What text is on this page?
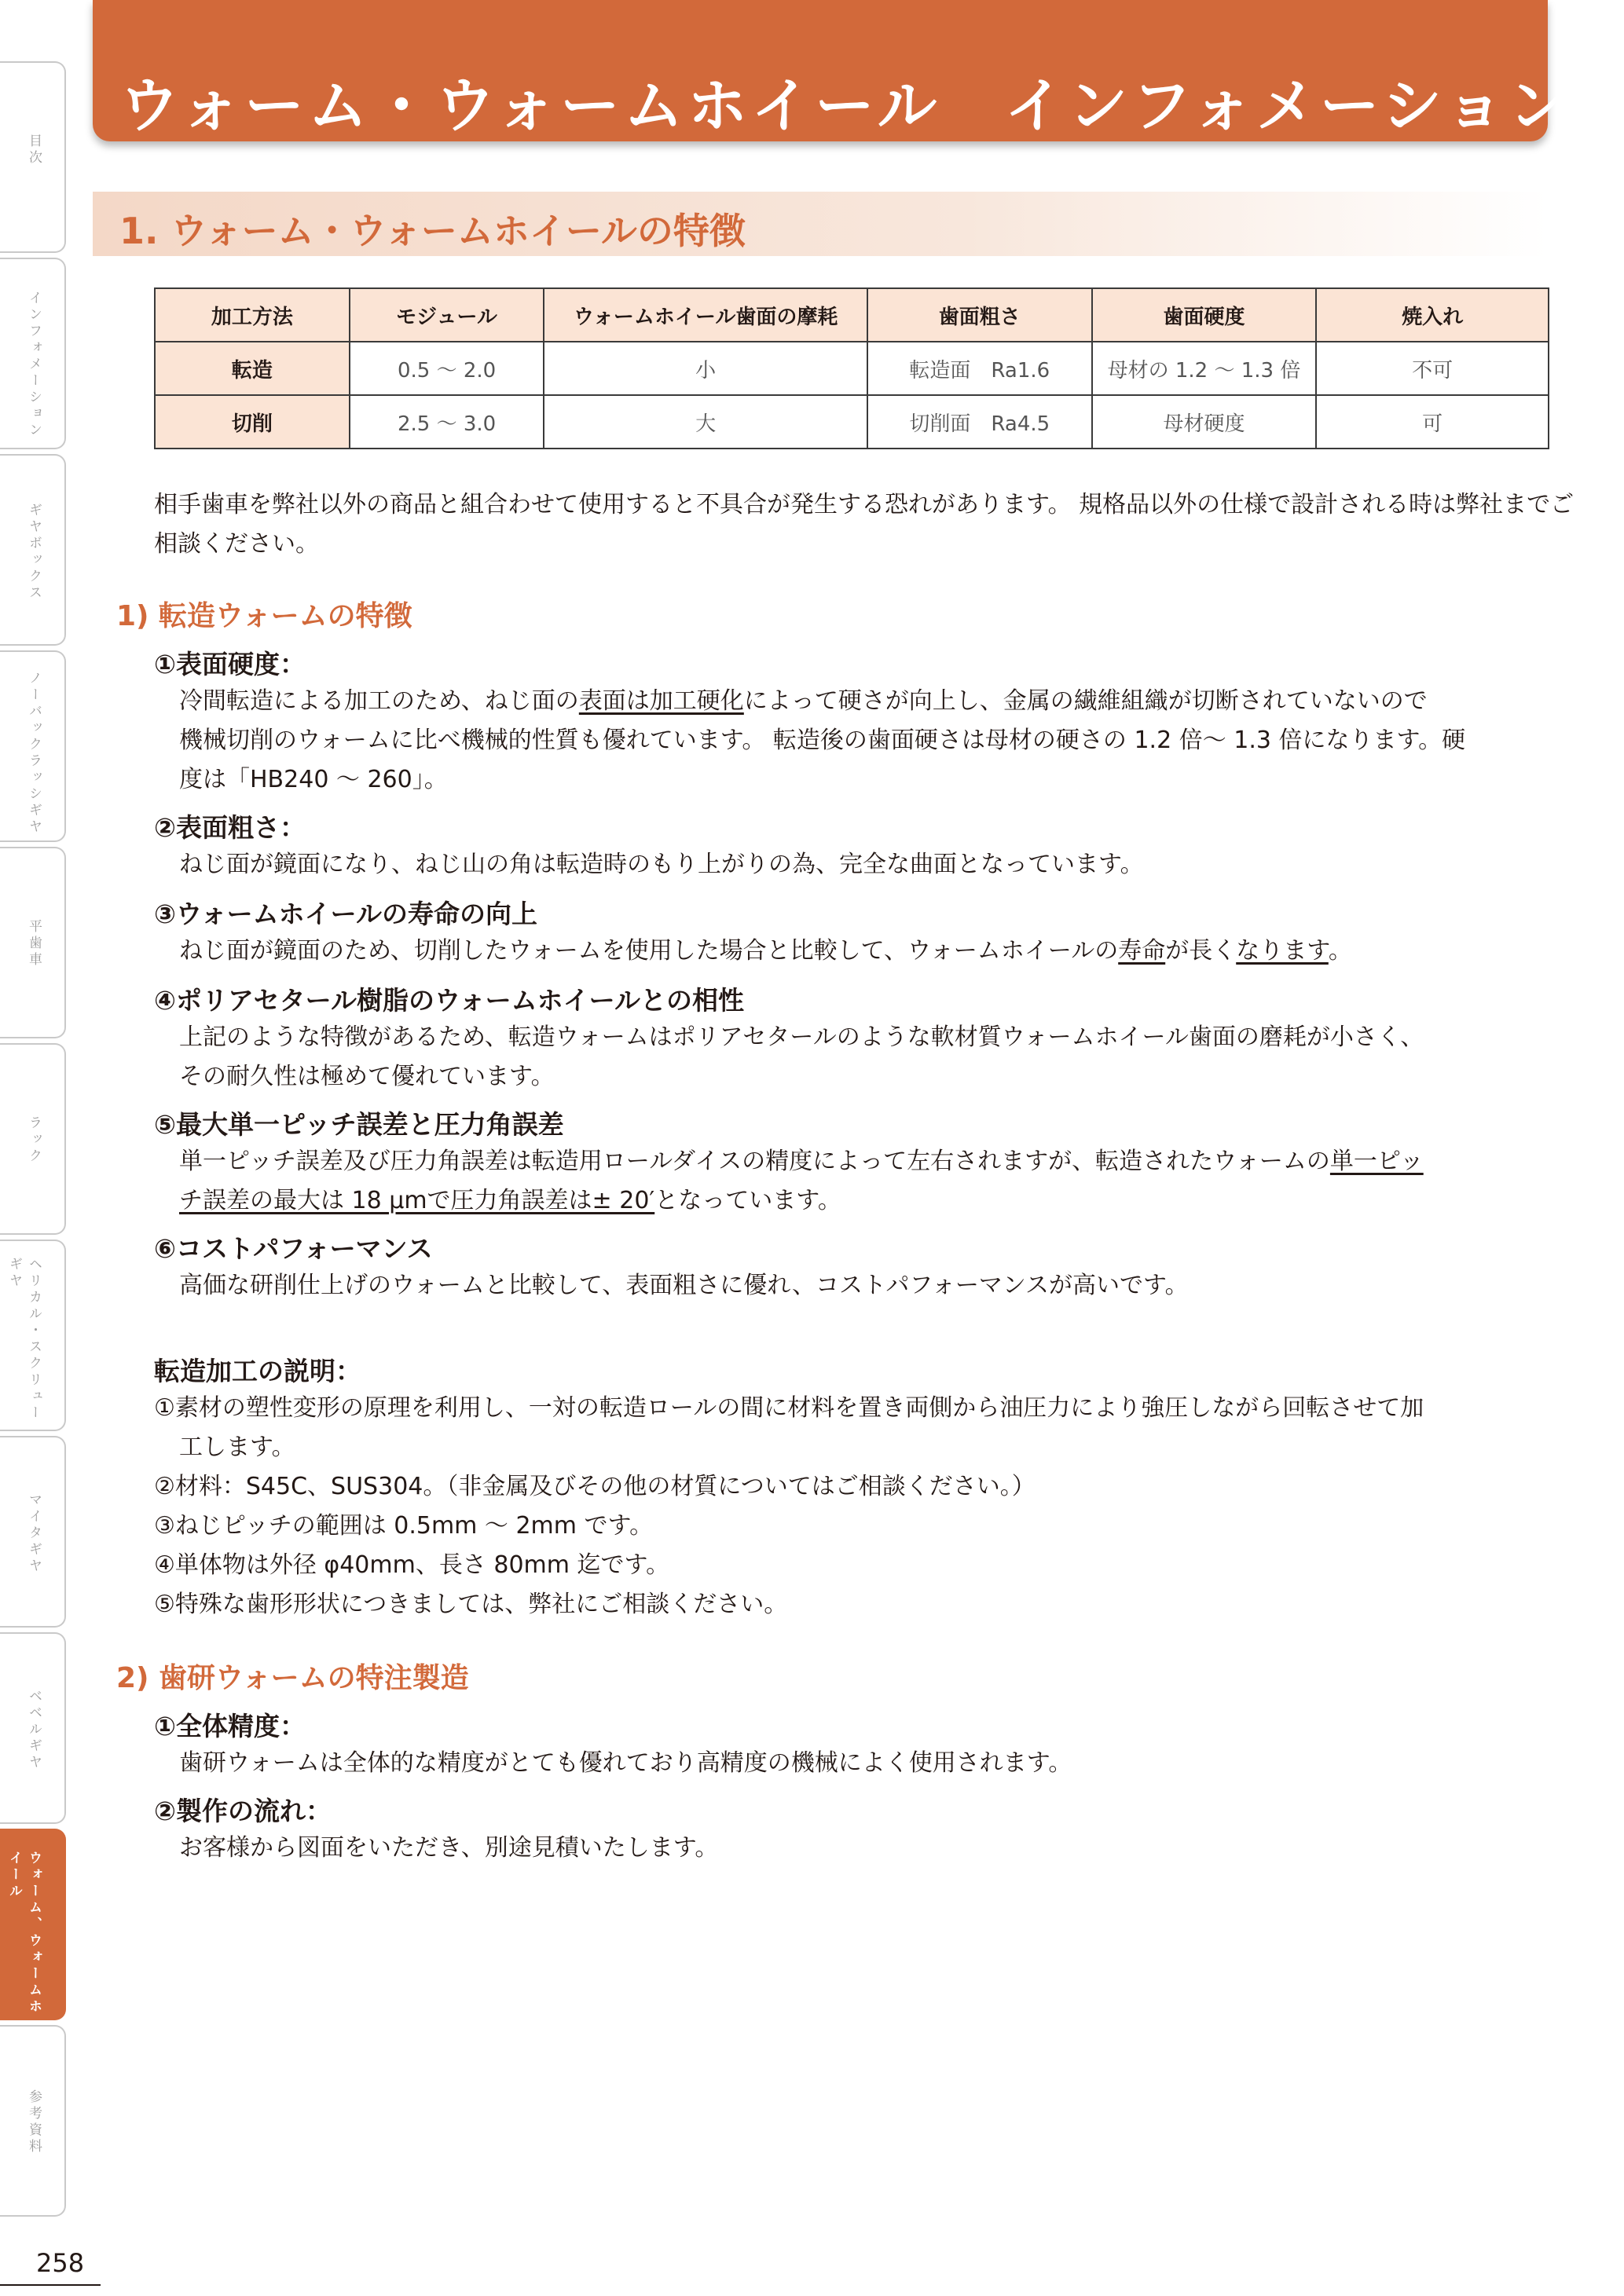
目次
インフォメーション
ギヤボックス
ノーバックラッシギヤ
平歯車
ラック
ヘリカル・スクリューギヤ
マイタギヤ
ベベルギヤ
ウォーム、ウォームホイール
参考資料
258
ウォーム・ウォームホイール　インフォメーション
1. ウォーム・ウォームホイールの特徴
加工方法	モジュール	ウォームホイール歯面の摩耗	歯面粗さ	歯面硬度	焼入れ
転造	0.5 〜 2.0	小	転造面　Ra1.6	母材の 1.2 〜 1.3 倍	不可
切削	2.5 〜 3.0	大	切削面　Ra4.5	母材硬度	可
相手歯車を弊社以外の商品と組合わせて使用すると不具合が発生する恐れがあります。 規格品以外の仕様で設計される時は弊社までご
相談ください。
1) 転造ウォームの特徴
①表面硬度：
冷間転造による加工のため、ねじ面の表面は加工硬化によって硬さが向上し、金属の繊維組織が切断されていないので
機械切削のウォームに比べ機械的性質も優れています。 転造後の歯面硬さは母材の硬さの 1.2 倍〜 1.3 倍になります。硬
度は「HB240 〜 260」。
②表面粗さ：
ねじ面が鏡面になり、ねじ山の角は転造時のもり上がりの為、完全な曲面となっています。
③ウォームホイールの寿命の向上
ねじ面が鏡面のため、切削したウォームを使用した場合と比較して、ウォームホイールの寿命が長くなります。
④ポリアセタール樹脂のウォームホイールとの相性
上記のような特徴があるため、転造ウォームはポリアセタールのような軟材質ウォームホイール歯面の磨耗が小さく、
その耐久性は極めて優れています。
⑤最大単一ピッチ誤差と圧力角誤差
単一ピッチ誤差及び圧力角誤差は転造用ロールダイスの精度によって左右されますが、転造されたウォームの単一ピッ
チ誤差の最大は 18 μmで圧力角誤差は± 20′となっています。
⑥コストパフォーマンス
高価な研削仕上げのウォームと比較して、表面粗さに優れ、コストパフォーマンスが高いです。
転造加工の説明：
①素材の塑性変形の原理を利用し、一対の転造ロールの間に材料を置き両側から油圧力により強圧しながら回転させて加
工します。
②材料：S45C、SUS304。（非金属及びその他の材質についてはご相談ください。）
③ねじピッチの範囲は 0.5mm 〜 2mm です。
④単体物は外径 φ40mm、長さ 80mm 迄です。
⑤特殊な歯形形状につきましては、弊社にご相談ください。
2) 歯研ウォームの特注製造
①全体精度：
歯研ウォームは全体的な精度がとても優れており高精度の機械によく使用されます。
②製作の流れ：
お客様から図面をいただき、別途見積いたします。
